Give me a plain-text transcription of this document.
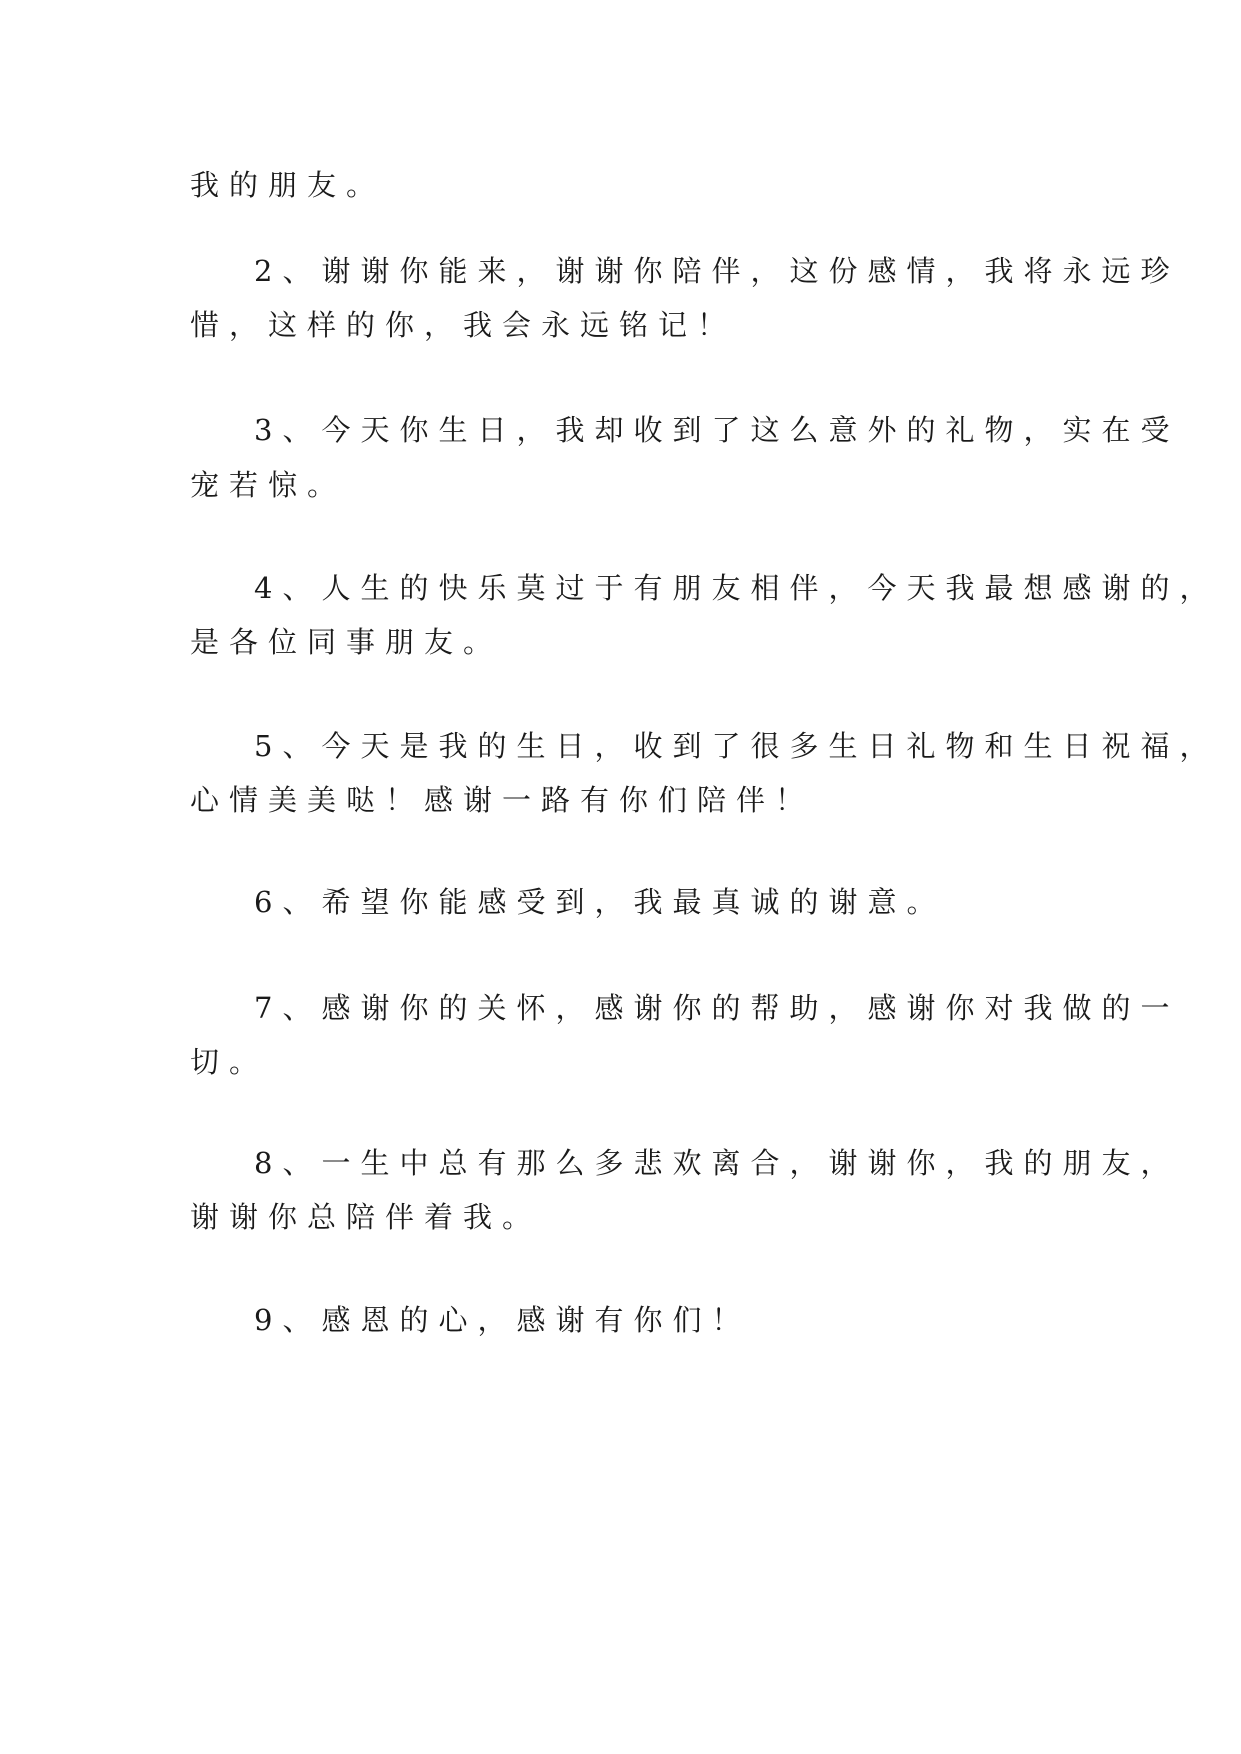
我的朋友。
2、谢谢你能来，谢谢你陪伴，这份感情，我将永远珍
惜，这样的你，我会永远铭记！
3、今天你生日，我却收到了这么意外的礼物，实在受
宠若惊。
4、人生的快乐莫过于有朋友相伴，今天我最想感谢的，
是各位同事朋友。
5、今天是我的生日，收到了很多生日礼物和生日祝福，
心情美美哒！感谢一路有你们陪伴！
6、希望你能感受到，我最真诚的谢意。
7、感谢你的关怀，感谢你的帮助，感谢你对我做的一
切。
8、一生中总有那么多悲欢离合，谢谢你，我的朋友，
谢谢你总陪伴着我。
9、感恩的心，感谢有你们！
